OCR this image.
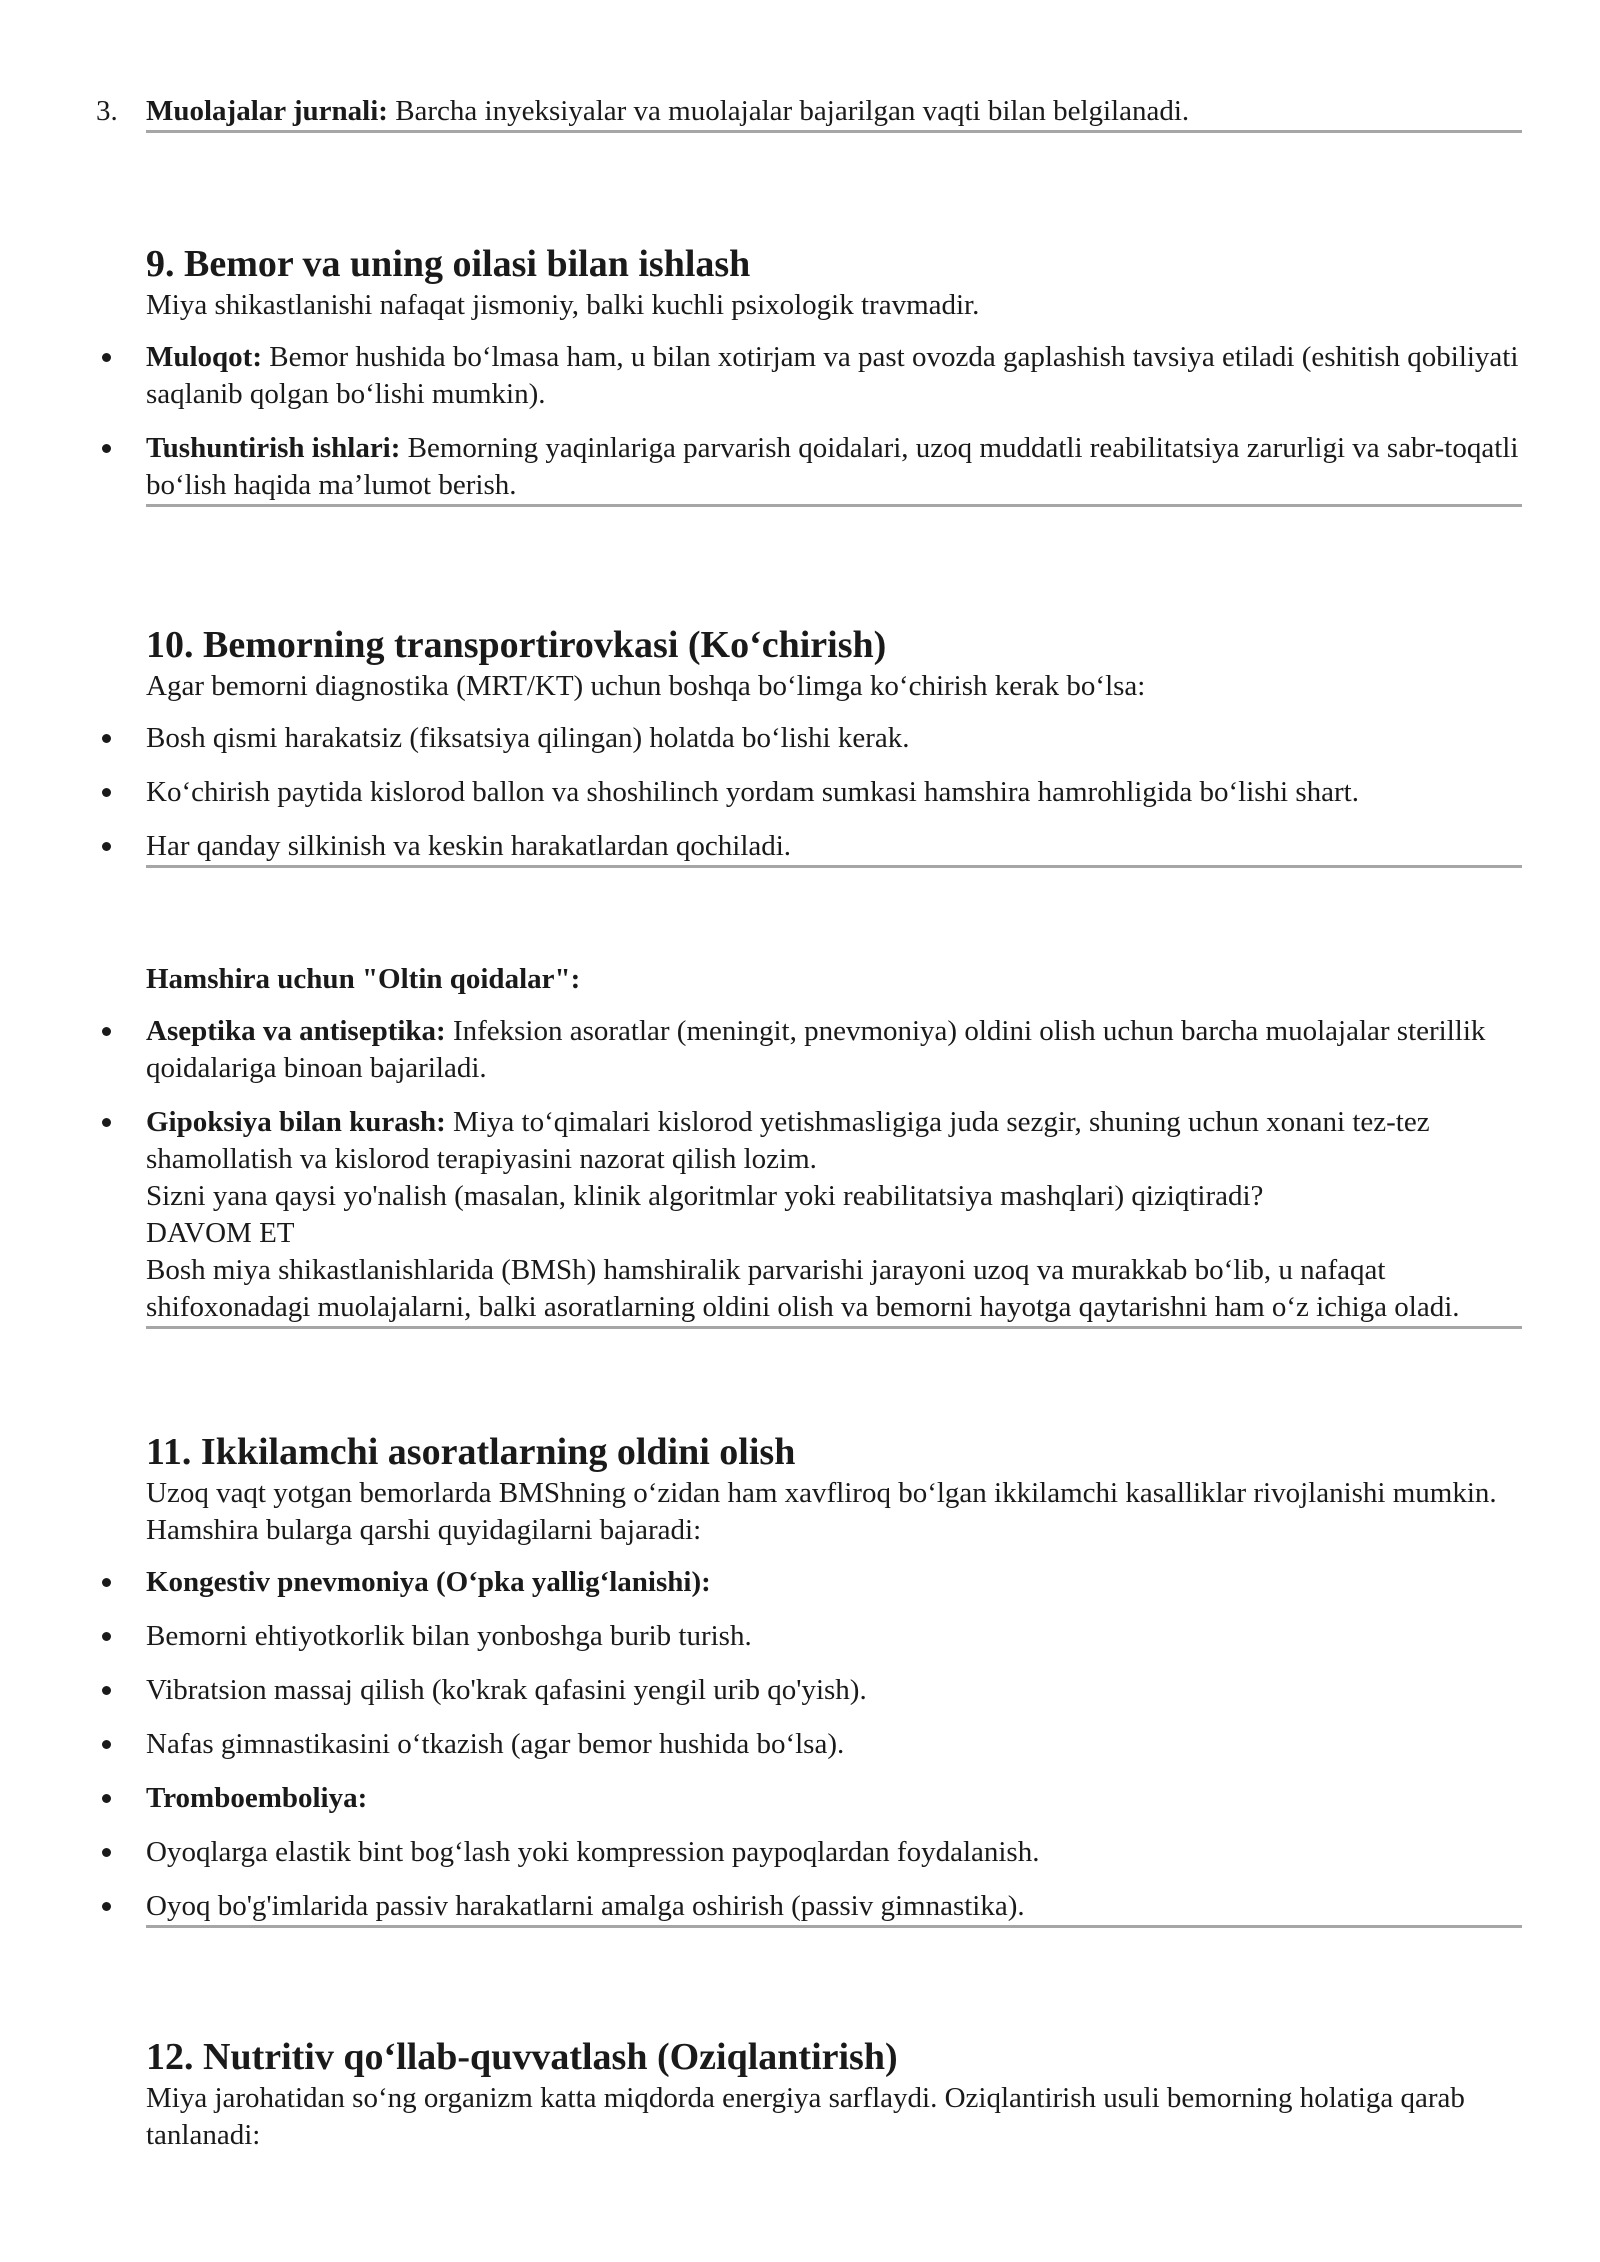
3. Muolajalar jurnali: Barcha inyeksiyalar va muolajalar bajarilgan vaqti bilan belgilanadi.

9. Bemor va uning oilasi bilan ishlash

Miya shikastlanishi nafaqat jismoniy, balki kuchli psixologik travmadir.

Muloqot: Bemor hushida bo‘lmasa ham, u bilan xotirjam va past ovozda gaplashish tavsiya etiladi (eshitish qobiliyati saqlanib qolgan bo‘lishi mumkin).
Tushuntirish ishlari: Bemorning yaqinlariga parvarish qoidalari, uzoq muddatli reabilitatsiya zarurligi va sabr-toqatli bo‘lish haqida ma’lumot berish.
10. Bemorning transportirovkasi (Ko‘chirish)

Agar bemorni diagnostika (MRT/KT) uchun boshqa bo‘limga ko‘chirish kerak bo‘lsa:

Bosh qismi harakatsiz (fiksatsiya qilingan) holatda bo‘lishi kerak.
Ko‘chirish paytida kislorod ballon va shoshilinch yordam sumkasi hamshira hamrohligida bo‘lishi shart.
Har qanday silkinish va keskin harakatlardan qochiladi.
Hamshira uchun "Oltin qoidalar":
Aseptika va antiseptika: Infeksion asoratlar (meningit, pnevmoniya) oldini olish uchun barcha muolajalar sterillik qoidalariga binoan bajariladi.
Gipoksiya bilan kurash: Miya to‘qimalari kislorod yetishmasligiga juda sezgir, shuning uchun xonani tez-tez shamollatish va kislorod terapiyasini nazorat qilish lozim.

Sizni yana qaysi yo'nalish (masalan, klinik algoritmlar yoki reabilitatsiya mashqlari) qiziqtiradi?

DAVOM ET

Bosh miya shikastlanishlarida (BMSh) hamshiralik parvarishi jarayoni uzoq va murakkab bo‘lib, u nafaqat shifoxonadagi muolajalarni, balki asoratlarning oldini olish va bemorni hayotga qaytarishni ham o‘z ichiga oladi.

11. Ikkilamchi asoratlarning oldini olish

Uzoq vaqt yotgan bemorlarda BMShning o‘zidan ham xavfliroq bo‘lgan ikkilamchi kasalliklar rivojlanishi mumkin. Hamshira bularga qarshi quyidagilarni bajaradi:

Kongestiv pnevmoniya (O‘pka yallig‘lanishi):
Bemorni ehtiyotkorlik bilan yonboshga burib turish.
Vibratsion massaj qilish (ko'krak qafasini yengil urib qo'yish).
Nafas gimnastikasini o‘tkazish (agar bemor hushida bo‘lsa).
Tromboemboliya:
Oyoqlarga elastik bint bog‘lash yoki kompression paypoqlardan foydalanish.
Oyoq bo'g'imlarida passiv harakatlarni amalga oshirish (passiv gimnastika).
12. Nutritiv qo‘llab-quvvatlash (Oziqlantirish)

Miya jarohatidan so‘ng organizm katta miqdorda energiya sarflaydi. Oziqlantirish usuli bemorning holatiga qarab tanlanadi:
